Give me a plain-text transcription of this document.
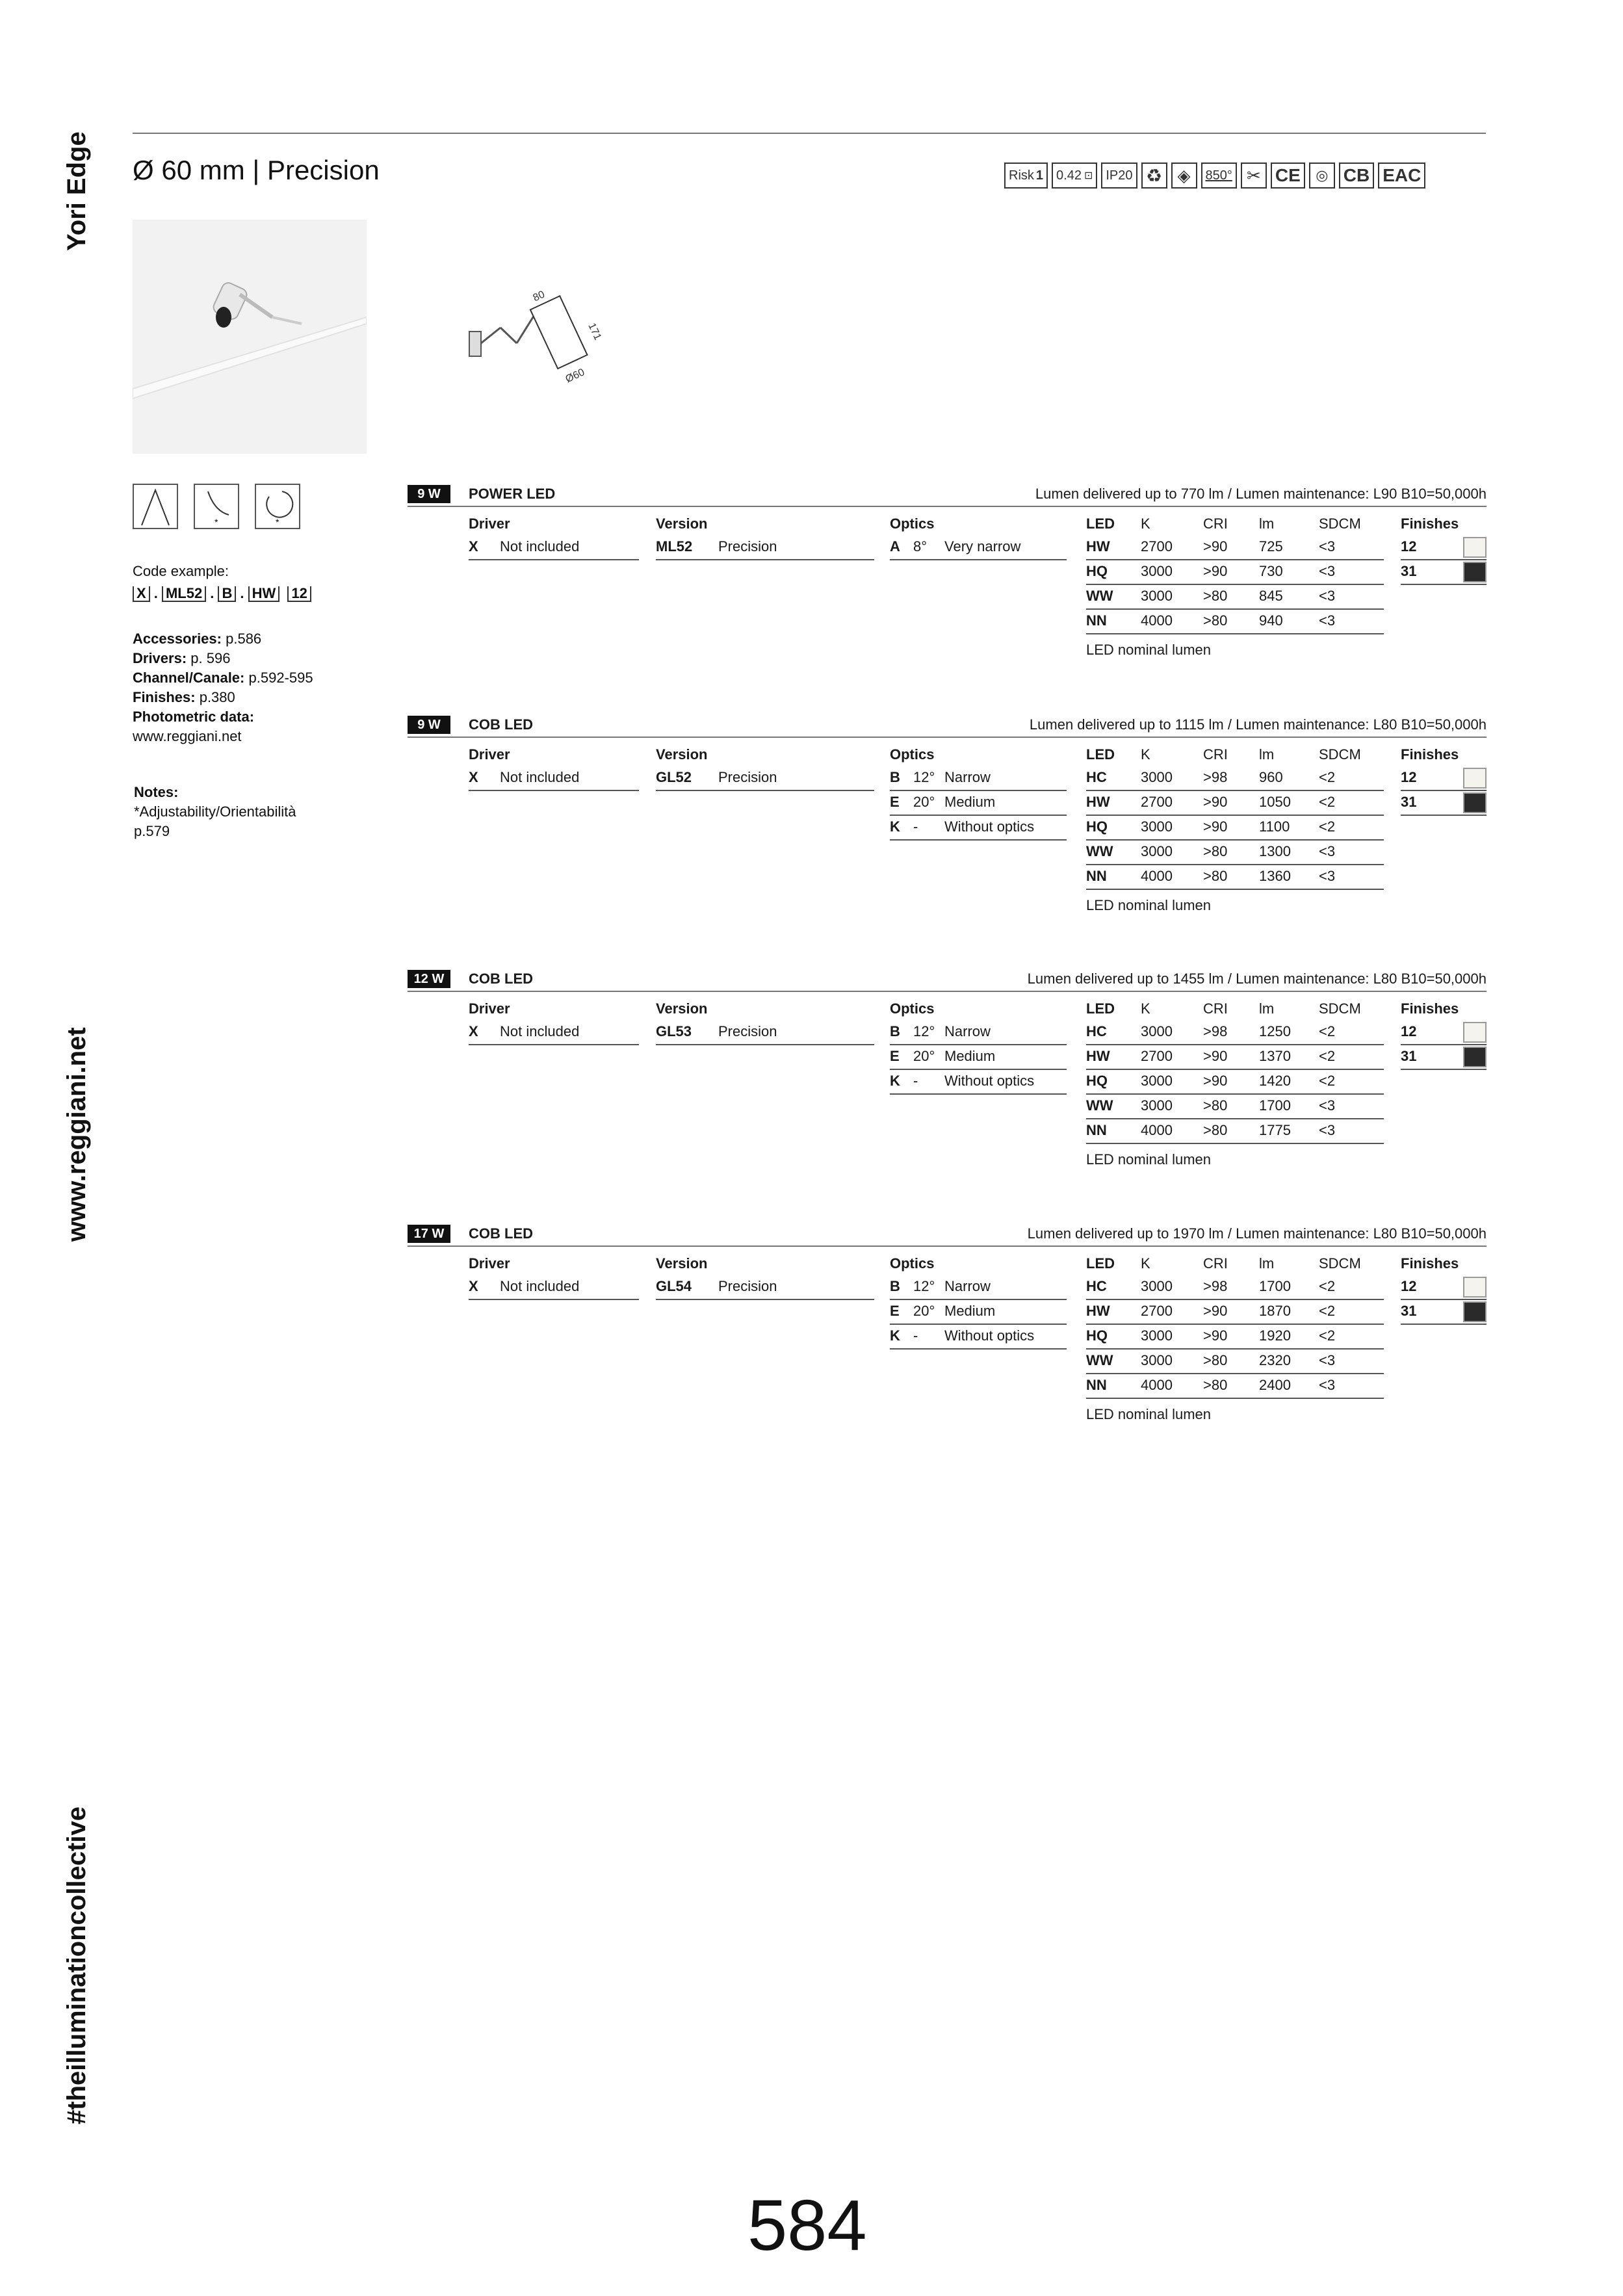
Yori Edge
www.reggiani.net
#theilluminationcollective
Ø 60 mm | Precision	Risk 1 0.42 ⊡	IP20 ♻ ◈	850° ✂ CE	◎ CB EAC
80
171
Ø60
*	*
Code example:
X . ML52 . B . HW 12
Accessories: p.586
Drivers: p. 596
Channel/Canale: p.592-595
Finishes: p.380
Photometric data:
www.reggiani.net
Notes:
*Adjustability/Orientabilità
p.579
9 W	POWER LED	Lumen delivered up to 770 lm / Lumen maintenance: L90 B10=50,000h
Driver
X Not included
Version
ML52 Precision
Optics
A 8° Very narrow
LED K	CRI lm	SDCM
HW 2700 >90 725	<3
HQ 3000 >90 730	<3
WW 3000 >80 845	<3
NN 4000 >80 940	<3
LED nominal lumen
Finishes
12
31
9 W	COB LED	Lumen delivered up to 1115 lm / Lumen maintenance: L80 B10=50,000h
Driver
X Not included
Version
GL52 Precision
Optics
B 12° Narrow
E 20° Medium
K - Without optics
LED K	CRI lm	SDCM
HC 3000 >98 960	<2
HW 2700 >90 1050 <2
HQ 3000 >90 1100 <2
WW 3000 >80 1300 <3
NN 4000 >80 1360 <3
LED nominal lumen
Finishes
12
31
12 W	COB LED	Lumen delivered up to 1455 lm / Lumen maintenance: L80 B10=50,000h
Driver
X Not included
Version
GL53 Precision
Optics
B 12° Narrow
E 20° Medium
K - Without optics
LED K	CRI lm	SDCM
HC 3000 >98 1250 <2
HW 2700 >90 1370 <2
HQ 3000 >90 1420 <2
WW 3000 >80 1700 <3
NN 4000 >80 1775 <3
LED nominal lumen
Finishes
12
31
17 W	COB LED	Lumen delivered up to 1970 lm / Lumen maintenance: L80 B10=50,000h
Driver
X Not included
Version
GL54 Precision
Optics
B 12° Narrow
E 20° Medium
K - Without optics
LED K	CRI lm	SDCM
HC 3000 >98 1700 <2
HW 2700 >90 1870 <2
HQ 3000 >90 1920 <2
WW 3000 >80 2320 <3
NN 4000 >80 2400 <3
LED nominal lumen
Finishes
12
31
584
